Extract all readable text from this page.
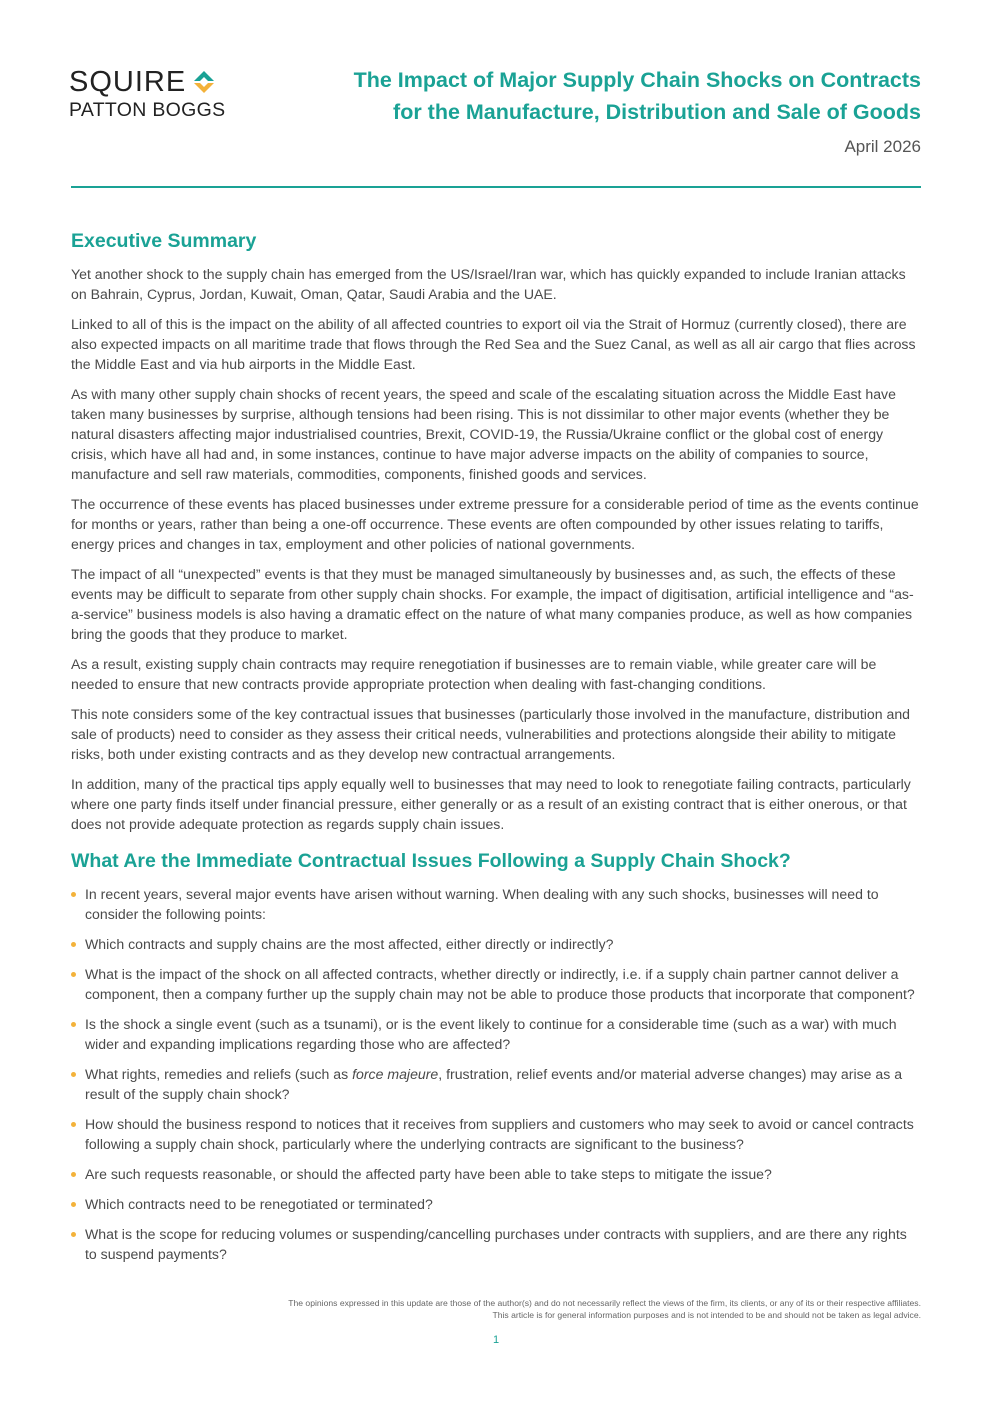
SQUIRE
PATTON BOGGS
The Impact of Major Supply Chain Shocks on Contracts
for the Manufacture, Distribution and Sale of Goods
April 2026
Executive Summary

Yet another shock to the supply chain has emerged from the US/Israel/Iran war, which has quickly expanded to include Iranian attacks on Bahrain, Cyprus, Jordan, Kuwait, Oman, Qatar, Saudi Arabia and the UAE.

Linked to all of this is the impact on the ability of all affected countries to export oil via the Strait of Hormuz (currently closed), there are also expected impacts on all maritime trade that flows through the Red Sea and the Suez Canal, as well as all air cargo that flies across the Middle East and via hub airports in the Middle East.

As with many other supply chain shocks of recent years, the speed and scale of the escalating situation across the Middle East have taken many businesses by surprise, although tensions had been rising. This is not dissimilar to other major events (whether they be natural disasters affecting major industrialised countries, Brexit, COVID-19, the Russia/Ukraine conflict or the global cost of energy crisis, which have all had and, in some instances, continue to have major adverse impacts on the ability of companies to source, manufacture and sell raw materials, commodities, components, finished goods and services.

The occurrence of these events has placed businesses under extreme pressure for a considerable period of time as the events continue for months or years, rather than being a one-off occurrence. These events are often compounded by other issues relating to tariffs, energy prices and changes in tax, employment and other policies of national governments.

The impact of all “unexpected” events is that they must be managed simultaneously by businesses and, as such, the effects of these events may be difficult to separate from other supply chain shocks. For example, the impact of digitisation, artificial intelligence and “as-a-service” business models is also having a dramatic effect on the nature of what many companies produce, as well as how companies bring the goods that they produce to market.

As a result, existing supply chain contracts may require renegotiation if businesses are to remain viable, while greater care will be needed to ensure that new contracts provide appropriate protection when dealing with fast-changing conditions.

This note considers some of the key contractual issues that businesses (particularly those involved in the manufacture, distribution and sale of products) need to consider as they assess their critical needs, vulnerabilities and protections alongside their ability to mitigate risks, both under existing contracts and as they develop new contractual arrangements.

In addition, many of the practical tips apply equally well to businesses that may need to look to renegotiate failing contracts, particularly where one party finds itself under financial pressure, either generally or as a result of an existing contract that is either onerous, or that does not provide adequate protection as regards supply chain issues.

What Are the Immediate Contractual Issues Following a Supply Chain Shock?
In recent years, several major events have arisen without warning. When dealing with any such shocks, businesses will need to consider the following points:
Which contracts and supply chains are the most affected, either directly or indirectly?
What is the impact of the shock on all affected contracts, whether directly or indirectly, i.e. if a supply chain partner cannot deliver a component, then a company further up the supply chain may not be able to produce those products that incorporate that component?
Is the shock a single event (such as a tsunami), or is the event likely to continue for a considerable time (such as a war) with much wider and expanding implications regarding those who are affected?
What rights, remedies and reliefs (such as force majeure, frustration, relief events and/or material adverse changes) may arise as a result of the supply chain shock?
How should the business respond to notices that it receives from suppliers and customers who may seek to avoid or cancel contracts following a supply chain shock, particularly where the underlying contracts are significant to the business?
Are such requests reasonable, or should the affected party have been able to take steps to mitigate the issue?
Which contracts need to be renegotiated or terminated?
What is the scope for reducing volumes or suspending/cancelling purchases under contracts with suppliers, and are there any rights to suspend payments?
The opinions expressed in this update are those of the author(s) and do not necessarily reflect the views of the firm, its clients, or any of its or their respective affiliates.
This article is for general information purposes and is not intended to be and should not be taken as legal advice.
1
